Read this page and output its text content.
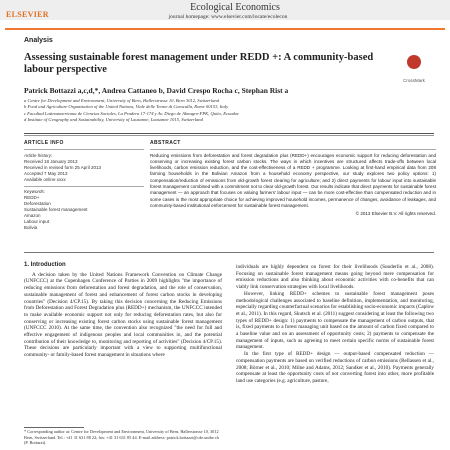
ELSEVIER
Ecological Economics
journal homepage: www.elsevier.com/locate/ecolecon
Analysis
Assessing sustainable forest management under REDD +: A community-based labour perspective
CrossMark
Patrick Bottazzi a,c,d,*, Andrea Cattaneo b, David Crespo Rocha c, Stephan Rist a
a Centre for Development and Environment, University of Bern, Hallerstrasse 10, Bern 3012, Switzerland
b Food and Agriculture Organization of the United Nations, Viale delle Terme di Caracalla, Rome 00153, Italy
c Facultad Latinoamericana de Ciencias Sociales, La Pradera 17-174 y Av. Diego de Almagro-FPK, Quito, Ecuador
d Institute of Geography and Sustainability, University of Lausanne, Lausanne 1015, Switzerland
ARTICLE INFO
Article history:
Received 18 January 2013
Received in revised form 25 April 2013
Accepted 7 May 2013
Available online xxxx
Keywords:
REDD+
Deforestation
Sustainable forest management
Amazon
Labour input
Bolivia
ABSTRACT
Reducing emissions from deforestation and forest degradation plus (REDD+) encourages economic support for reducing deforestation and conserving or increasing existing forest carbon stocks. The ways in which incentives are structured affects trade-offs between local livelihoods, carbon emission reduction, and the cost-effectiveness of a REDD + programme. Looking at first-hand empirical data from 208 farming households in the Bolivian Amazon from a household economy perspective, our study explores two policy options: 1) compensation/reduction of emissions from old-growth forest clearing for agriculture; and 2) direct payments for labour input into sustainable forest management combined with a commitment not to clear old-growth forest. Our results indicate that direct payments for sustainable forest management — an approach that focuses on valuing farmers' labour input — can be more cost-effective than compensated reduction and in some cases is the most appropriate choice for achieving improved household incomes, permanence of changes, avoidance of leakages, and community-based institutional enforcement for sustainable forest management.
© 2013 Elsevier B.V. All rights reserved.
1. Introduction

A decision taken by the United Nations Framework Convention on Climate Change (UNFCCC) at the Copenhagen Conference of Parties in 2009 highlights "the importance of reducing emissions from deforestation and forest degradation, and the role of conservation, sustainable management of forest and enhancement of forest carbon stocks in developing countries" (Decision 4/CP.15). By taking this decision concerning the Reducing Emissions from Deforestation and Forest Degradation plus (REDD+) mechanism, the UNFCCC intended to make available economic support not only for reducing deforestation rates, but also for conserving or increasing existing forest carbon stocks using sustainable forest management (UNFCCC 2010). At the same time, the convention also recognized "the need for full and effective engagement of indigenous peoples and local communities in, and the potential contribution of their knowledge to, monitoring and reporting of activities" (Decision 4/CP.15). These decisions are particularly important with a view to supporting multifunctional community- or family-based forest management in situations where

individuals are highly dependent on forest for their livelihoods (Sunderlin et al., 2008). Focusing on sustainable forest management means going beyond mere compensation for emission reductions and also thinking about economic activities with co-benefits that can viably link conservation strategies with local livelihoods.

However, linking REDD+ schemes to sustainable forest management poses methodological challenges associated to baseline definition, implementation, and monitoring, especially regarding counterfactual scenarios for establishing socio-economic impacts (Caplow et al., 2011). In this regard, Skutsch et al. (2011) suggest considering at least the following two types of REDD+ design: 1) payments to compensate the management of carbon outputs, that is, fixed payments to a forest managing unit based on the amount of carbon fixed compared to a baseline value and on an assessment of opportunity costs; 2) payments to compensate the management of inputs, such as agreeing to meet certain specific norms of sustainable forest management.

In the first type of REDD+ design — output-based compensated reduction — compensation payments are based on verified reductions of carbon emissions (Bellassen et al., 2008; Börner et al., 2010; Milne and Adams, 2012; Sandker et al., 2010). Payments generally compensate at least the opportunity costs of not converting forest into other, more profitable land use categories (e.g. agriculture, pasture,

* Corresponding author at: Centre for Development and Environment, University of Bern, Hallerstrasse 10, 3012 Bern, Switzerland. Tel.: +41 31 631 88 22; fax: +41 31 631 85 44. E-mail address: patrick.bottazzi@cde.unibe.ch (P. Bottazzi).
